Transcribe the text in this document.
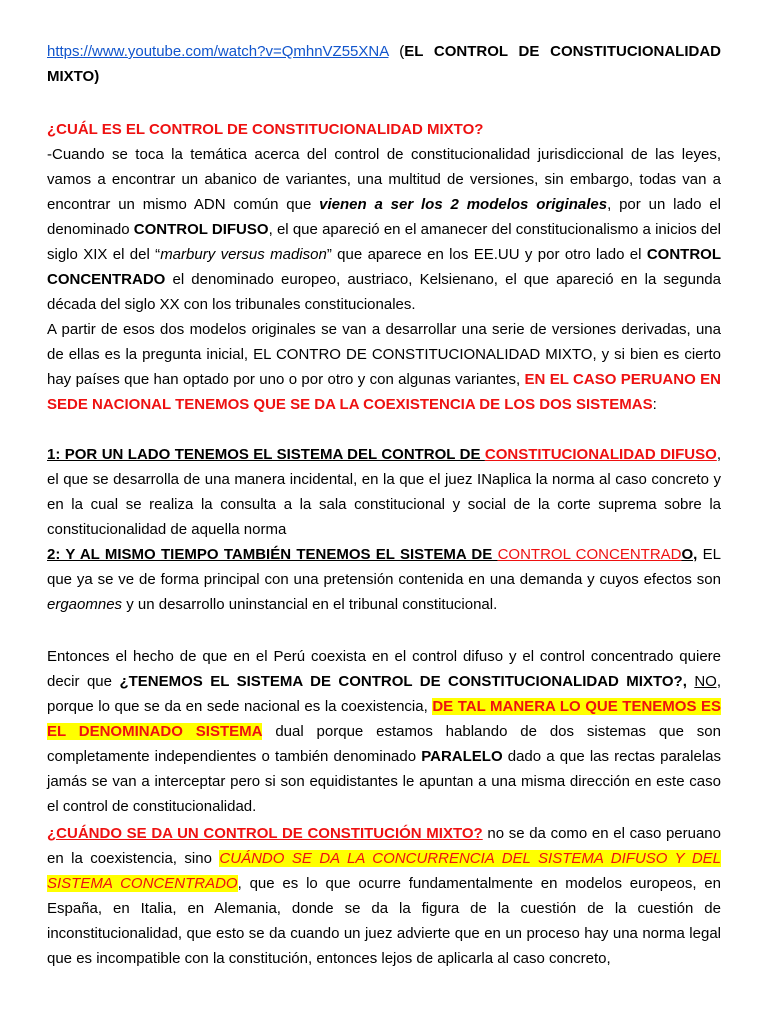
https://www.youtube.com/watch?v=QmhnVZ55XNA (EL CONTROL DE CONSTITUCIONALIDAD MIXTO)

¿CUÁL ES EL CONTROL DE CONSTITUCIONALIDAD MIXTO?

-Cuando se toca la temática acerca del control de constitucionalidad jurisdiccional de las leyes, vamos a encontrar un abanico de variantes, una multitud de versiones, sin embargo, todas van a encontrar un mismo ADN común que vienen a ser los 2 modelos originales, por un lado el denominado CONTROL DIFUSO, el que apareció en el amanecer del constitucionalismo a inicios del siglo XIX el del “marbury versus madison” que aparece en los EE.UU y por otro lado el CONTROL CONCENTRADO el denominado europeo, austriaco, Kelsienano, el que apareció en la segunda década del siglo XX con los tribunales constitucionales.

A partir de esos dos modelos originales se van a desarrollar una serie de versiones derivadas, una de ellas es la pregunta inicial, EL CONTRO DE CONSTITUCIONALIDAD MIXTO, y si bien es cierto hay países que han optado por uno o por otro y con algunas variantes, EN EL CASO PERUANO EN SEDE NACIONAL TENEMOS QUE SE DA LA COEXISTENCIA DE LOS DOS SISTEMAS:

1: POR UN LADO TENEMOS EL SISTEMA DEL CONTROL DE CONSTITUCIONALIDAD DIFUSO, el que se desarrolla de una manera incidental, en la que el juez INaplica la norma al caso concreto y en la cual se realiza la consulta a la sala constitucional y social de la corte suprema sobre la constitucionalidad de aquella norma

2: Y AL MISMO TIEMPO TAMBIÉN TENEMOS EL SISTEMA DE CONTROL CONCENTRADO, EL que ya se ve de forma principal con una pretensión contenida en una demanda y cuyos efectos son ergaomnes y un desarrollo uninstancial en el tribunal constitucional.

Entonces el hecho de que en el Perú coexista en el control difuso y el control concentrado quiere decir que ¿TENEMOS EL SISTEMA DE CONTROL DE CONSTITUCIONALIDAD MIXTO?, NO, porque lo que se da en sede nacional es la coexistencia, DE TAL MANERA LO QUE TENEMOS ES EL DENOMINADO SISTEMA dual porque estamos hablando de dos sistemas que son completamente independientes o también denominado PARALELO dado a que las rectas paralelas jamás se van a interceptar pero si son equidistantes le apuntan a una misma dirección en este caso el control de constitucionalidad.

¿CUÁNDO SE DA UN CONTROL DE CONSTITUCIÓN MIXTO? no se da como en el caso peruano en la coexistencia, sino CUÁNDO SE DA LA CONCURRENCIA DEL SISTEMA DIFUSO Y DEL SISTEMA CONCENTRADO, que es lo que ocurre fundamentalmente en modelos europeos, en España, en Italia, en Alemania, donde se da la figura de la cuestión de la cuestión de inconstitucionalidad, que esto se da cuando un juez advierte que en un proceso hay una norma legal que es incompatible con la constitución, entonces lejos de aplicarla al caso concreto,
